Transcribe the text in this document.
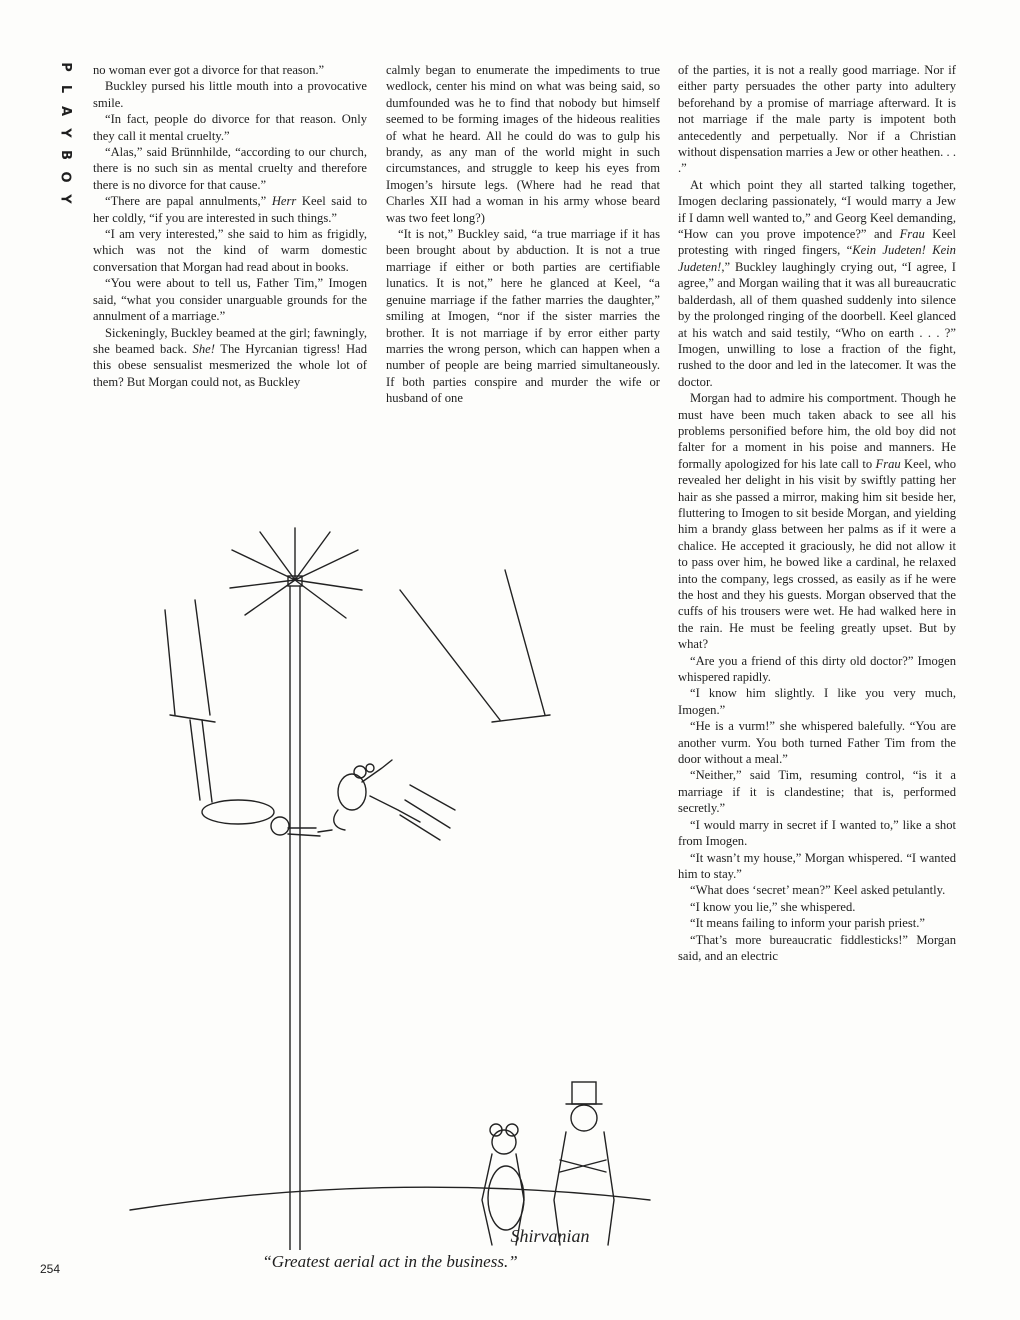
P
L
A
Y
B
O
Y

no woman ever got a divorce for that reason.”

Buckley pursed his little mouth into a provocative smile.

“In fact, people do divorce for that reason. Only they call it mental cruelty.”

“Alas,” said Brünnhilde, “according to our church, there is no such sin as mental cruelty and therefore there is no divorce for that cause.”

“There are papal annulments,” Herr Keel said to her coldly, “if you are interested in such things.”

“I am very interested,” she said to him as frigidly, which was not the kind of warm domestic conversation that Morgan had read about in books.

“You were about to tell us, Father Tim,” Imogen said, “what you consider unarguable grounds for the annulment of a marriage.”

Sickeningly, Buckley beamed at the girl; fawningly, she beamed back. She! The Hyrcanian tigress! Had this obese sensualist mesmerized the whole lot of them? But Morgan could not, as Buckley

calmly began to enumerate the impediments to true wedlock, center his mind on what was being said, so dumfounded was he to find that nobody but himself seemed to be forming images of the hideous realities of what he heard. All he could do was to gulp his brandy, as any man of the world might in such circumstances, and struggle to keep his eyes from Imogen’s hirsute legs. (Where had he read that Charles XII had a woman in his army whose beard was two feet long?)

“It is not,” Buckley said, “a true marriage if it has been brought about by abduction. It is not a true marriage if either or both parties are certifiable lunatics. It is not,” here he glanced at Keel, “a genuine marriage if the father marries the daughter,” smiling at Imogen, “nor if the sister marries the brother. It is not marriage if by error either party marries the wrong person, which can happen when a number of people are being married simultaneously. If both parties conspire and murder the wife or husband of one

of the parties, it is not a really good marriage. Nor if either party persuades the other party into adultery beforehand by a promise of marriage afterward. It is not marriage if the male party is impotent both antecedently and perpetually. Nor if a Christian without dispensation marries a Jew or other heathen. . . .”

At which point they all started talking together, Imogen declaring passionately, “I would marry a Jew if I damn well wanted to,” and Georg Keel demanding, “How can you prove impotence?” and Frau Keel protesting with ringed fingers, “Kein Judeten! Kein Judeten!,” Buckley laughingly crying out, “I agree, I agree,” and Morgan wailing that it was all bureaucratic balderdash, all of them quashed suddenly into silence by the prolonged ringing of the doorbell. Keel glanced at his watch and said testily, “Who on earth . . . ?” Imogen, unwilling to lose a fraction of the fight, rushed to the door and led in the latecomer. It was the doctor.

Morgan had to admire his comportment. Though he must have been much taken aback to see all his problems personified before him, the old boy did not falter for a moment in his poise and manners. He formally apologized for his late call to Frau Keel, who revealed her delight in his visit by swiftly patting her hair as she passed a mirror, making him sit beside her, fluttering to Imogen to sit beside Morgan, and yielding him a brandy glass between her palms as if it were a chalice. He accepted it graciously, he did not allow it to pass over him, he bowed like a cardinal, he relaxed into the company, legs crossed, as easily as if he were the host and they his guests. Morgan observed that the cuffs of his trousers were wet. He had walked here in the rain. He must be feeling greatly upset. But by what?

“Are you a friend of this dirty old doctor?” Imogen whispered rapidly.

“I know him slightly. I like you very much, Imogen.”

“He is a vurm!” she whispered balefully. “You are another vurm. You both turned Father Tim from the door without a meal.”

“Neither,” said Tim, resuming control, “is it a marriage if it is clandestine; that is, performed secretly.”

“I would marry in secret if I wanted to,” like a shot from Imogen.

“It wasn’t my house,” Morgan whispered. “I wanted him to stay.”

“What does ‘secret’ mean?” Keel asked petulantly.

“I know you lie,” she whispered.

“It means failing to inform your parish priest.”

“That’s more bureaucratic fiddlesticks!” Morgan said, and an electric

Shirvanian
“Greatest aerial act in the business.”
254
